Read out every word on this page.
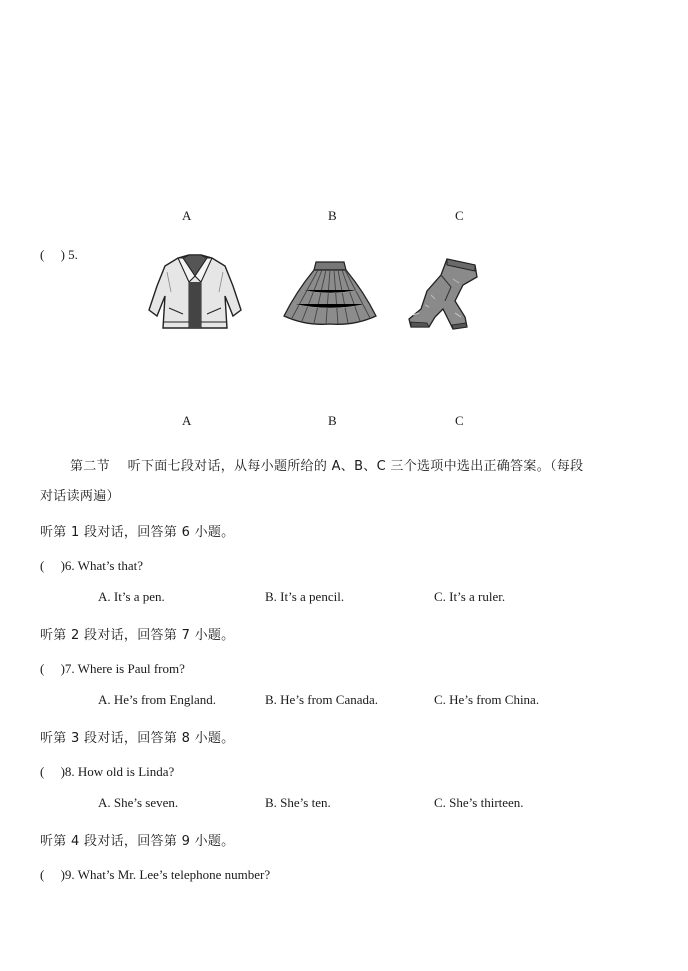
A	B	C
(　 ) 5.
A	B	C
第二节 听下面七段对话，从每小题所给的 A、B、C 三个选项中选出正确答案。（每段
对话读两遍）
听第 1 段对话，回答第 6 小题。
(　 )6. What’s that?
A. It’s a pen.	B. It’s a pencil.	C. It’s a ruler.
听第 2 段对话，回答第 7 小题。
(　 )7. Where is Paul from?
A. He’s from England.	B. He’s from Canada.	C. He’s from China.
听第 3 段对话，回答第 8 小题。
(　 )8. How old is Linda?
A. She’s seven.	B. She’s ten.	C. She’s thirteen.
听第 4 段对话，回答第 9 小题。
(　 )9. What’s Mr. Lee’s telephone number?
